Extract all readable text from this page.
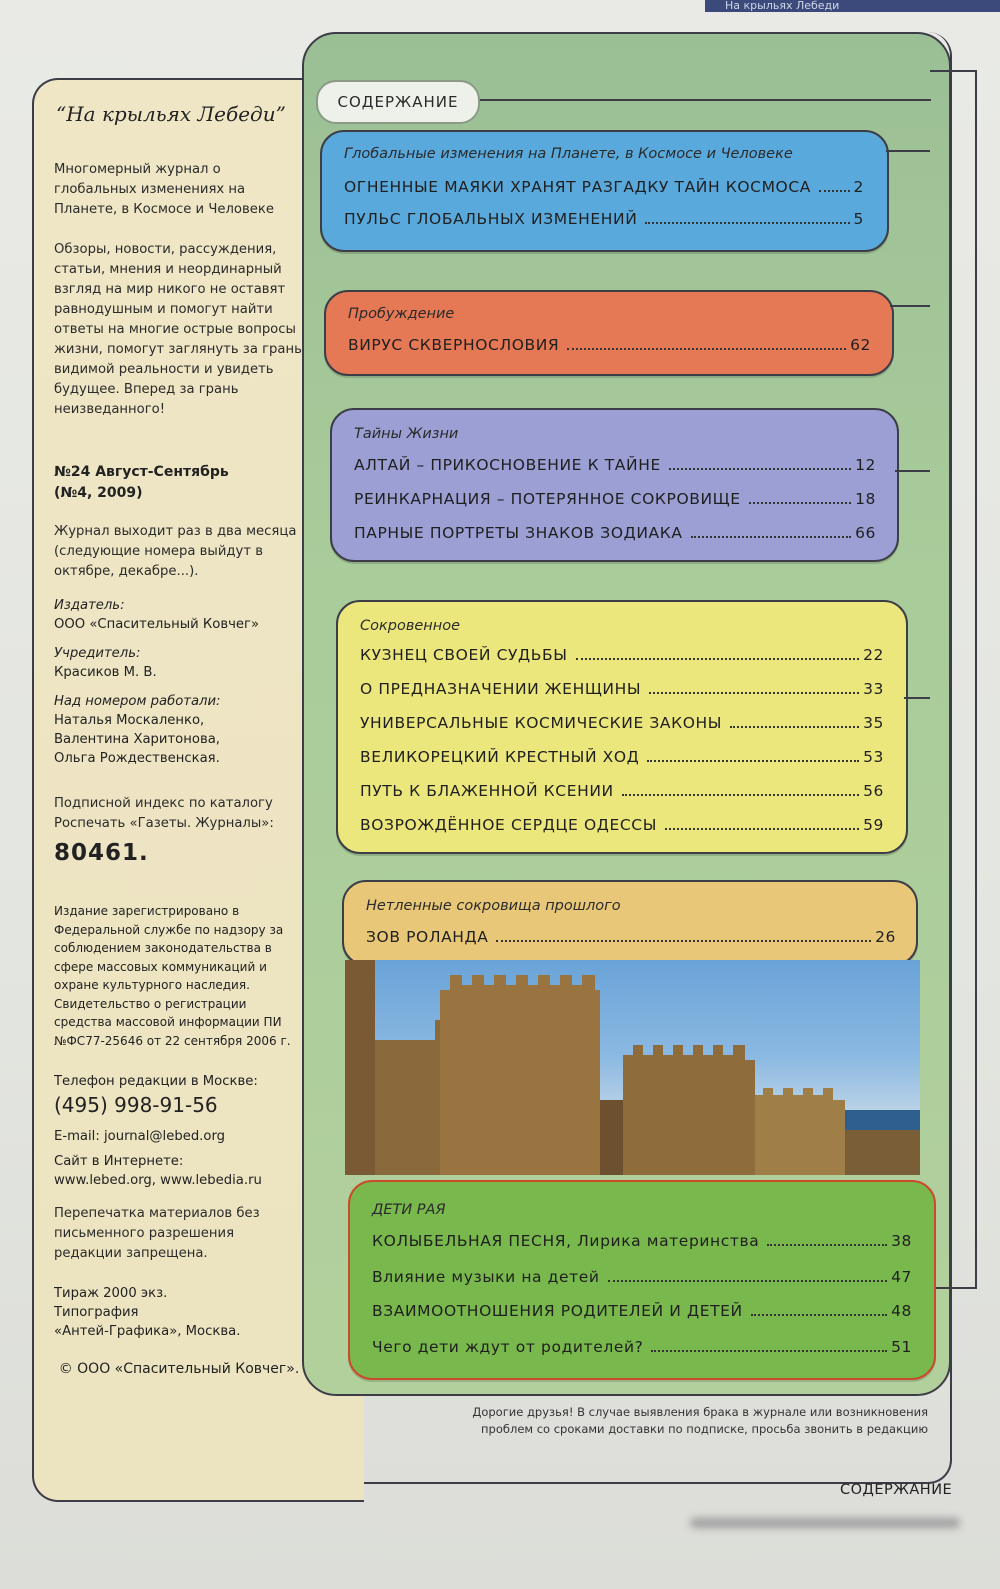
На крыльях Лебеди
“На крыльях Лебеди”

Многомерный журнал о глобальных изменениях на Планете, в Космосе и Человеке

Обзоры, новости, рассуждения, статьи, мнения и неординарный взгляд на мир никого не оставят равнодушным и помогут найти ответы на многие острые вопросы жизни, помогут заглянуть за грань видимой реальности и увидеть будущее. Вперед за грань неизведанного!

№24 Август-Сентябрь
(№4, 2009)

Журнал выходит раз в два месяца (следующие номера выйдут в октябре, декабре...).

Издатель:
ООО «Спасительный Ковчег»
Учредитель:
Красиков М. В.
Над номером работали:
Наталья Москаленко,
Валентина Харитонова,
Ольга Рождественская.

Подписной индекс по каталогу Роспечать «Газеты. Журналы»:

80461.
Издание зарегистрировано в Федеральной службе по надзору за соблюдением законодательства в сфере массовых коммуникаций и охране культурного наследия. Свидетельство о регистрации средства массовой информации ПИ №ФС77-25646 от 22 сентября 2006 г.
Телефон редакции в Москве:
(495) 998-91-56
E-mail: journal@lebed.org
Сайт в Интернете:
www.lebed.org, www.lebedia.ru

Перепечатка материалов без письменного разрешения редакции запрещена.

Тираж 2000 экз.
Типография
«Антей-Графика», Москва.
© ООО «Спасительный Ковчег».
СОДЕРЖАНИЕ
Глобальные изменения на Планете, в Космосе и Человеке
ОГНЕННЫЕ МАЯКИ ХРАНЯТ РАЗГАДКУ ТАЙН КОСМОСА	2
ПУЛЬС ГЛОБАЛЬНЫХ ИЗМЕНЕНИЙ	5
Пробуждение
ВИРУС СКВЕРНОСЛОВИЯ	62
Тайны Жизни
АЛТАЙ – ПРИКОСНОВЕНИЕ К ТАЙНЕ	12
РЕИНКАРНАЦИЯ – ПОТЕРЯННОЕ СОКРОВИЩЕ	18
ПАРНЫЕ ПОРТРЕТЫ ЗНАКОВ ЗОДИАКА	66
Сокровенное
КУЗНЕЦ СВОЕЙ СУДЬБЫ	22
О ПРЕДНАЗНАЧЕНИИ ЖЕНЩИНЫ	33
УНИВЕРСАЛЬНЫЕ КОСМИЧЕСКИЕ ЗАКОНЫ	35
ВЕЛИКОРЕЦКИЙ КРЕСТНЫЙ ХОД	53
ПУТЬ К БЛАЖЕННОЙ КСЕНИИ	56
ВОЗРОЖДЁННОЕ СЕРДЦЕ ОДЕССЫ	59
Нетленные сокровища прошлого
ЗОВ РОЛАНДА	26
ДЕТИ РАЯ
КОЛЫБЕЛЬНАЯ ПЕСНЯ, Лирика материнства	38
Влияние музыки на детей	47
ВЗАИМООТНОШЕНИЯ РОДИТЕЛЕЙ И ДЕТЕЙ	48
Чего дети ждут от родителей?	51
Дорогие друзья! В случае выявления брака в журнале или возникновения проблем со сроками доставки по подписке, просьба звонить в редакцию
СОДЕРЖАНИЕ
